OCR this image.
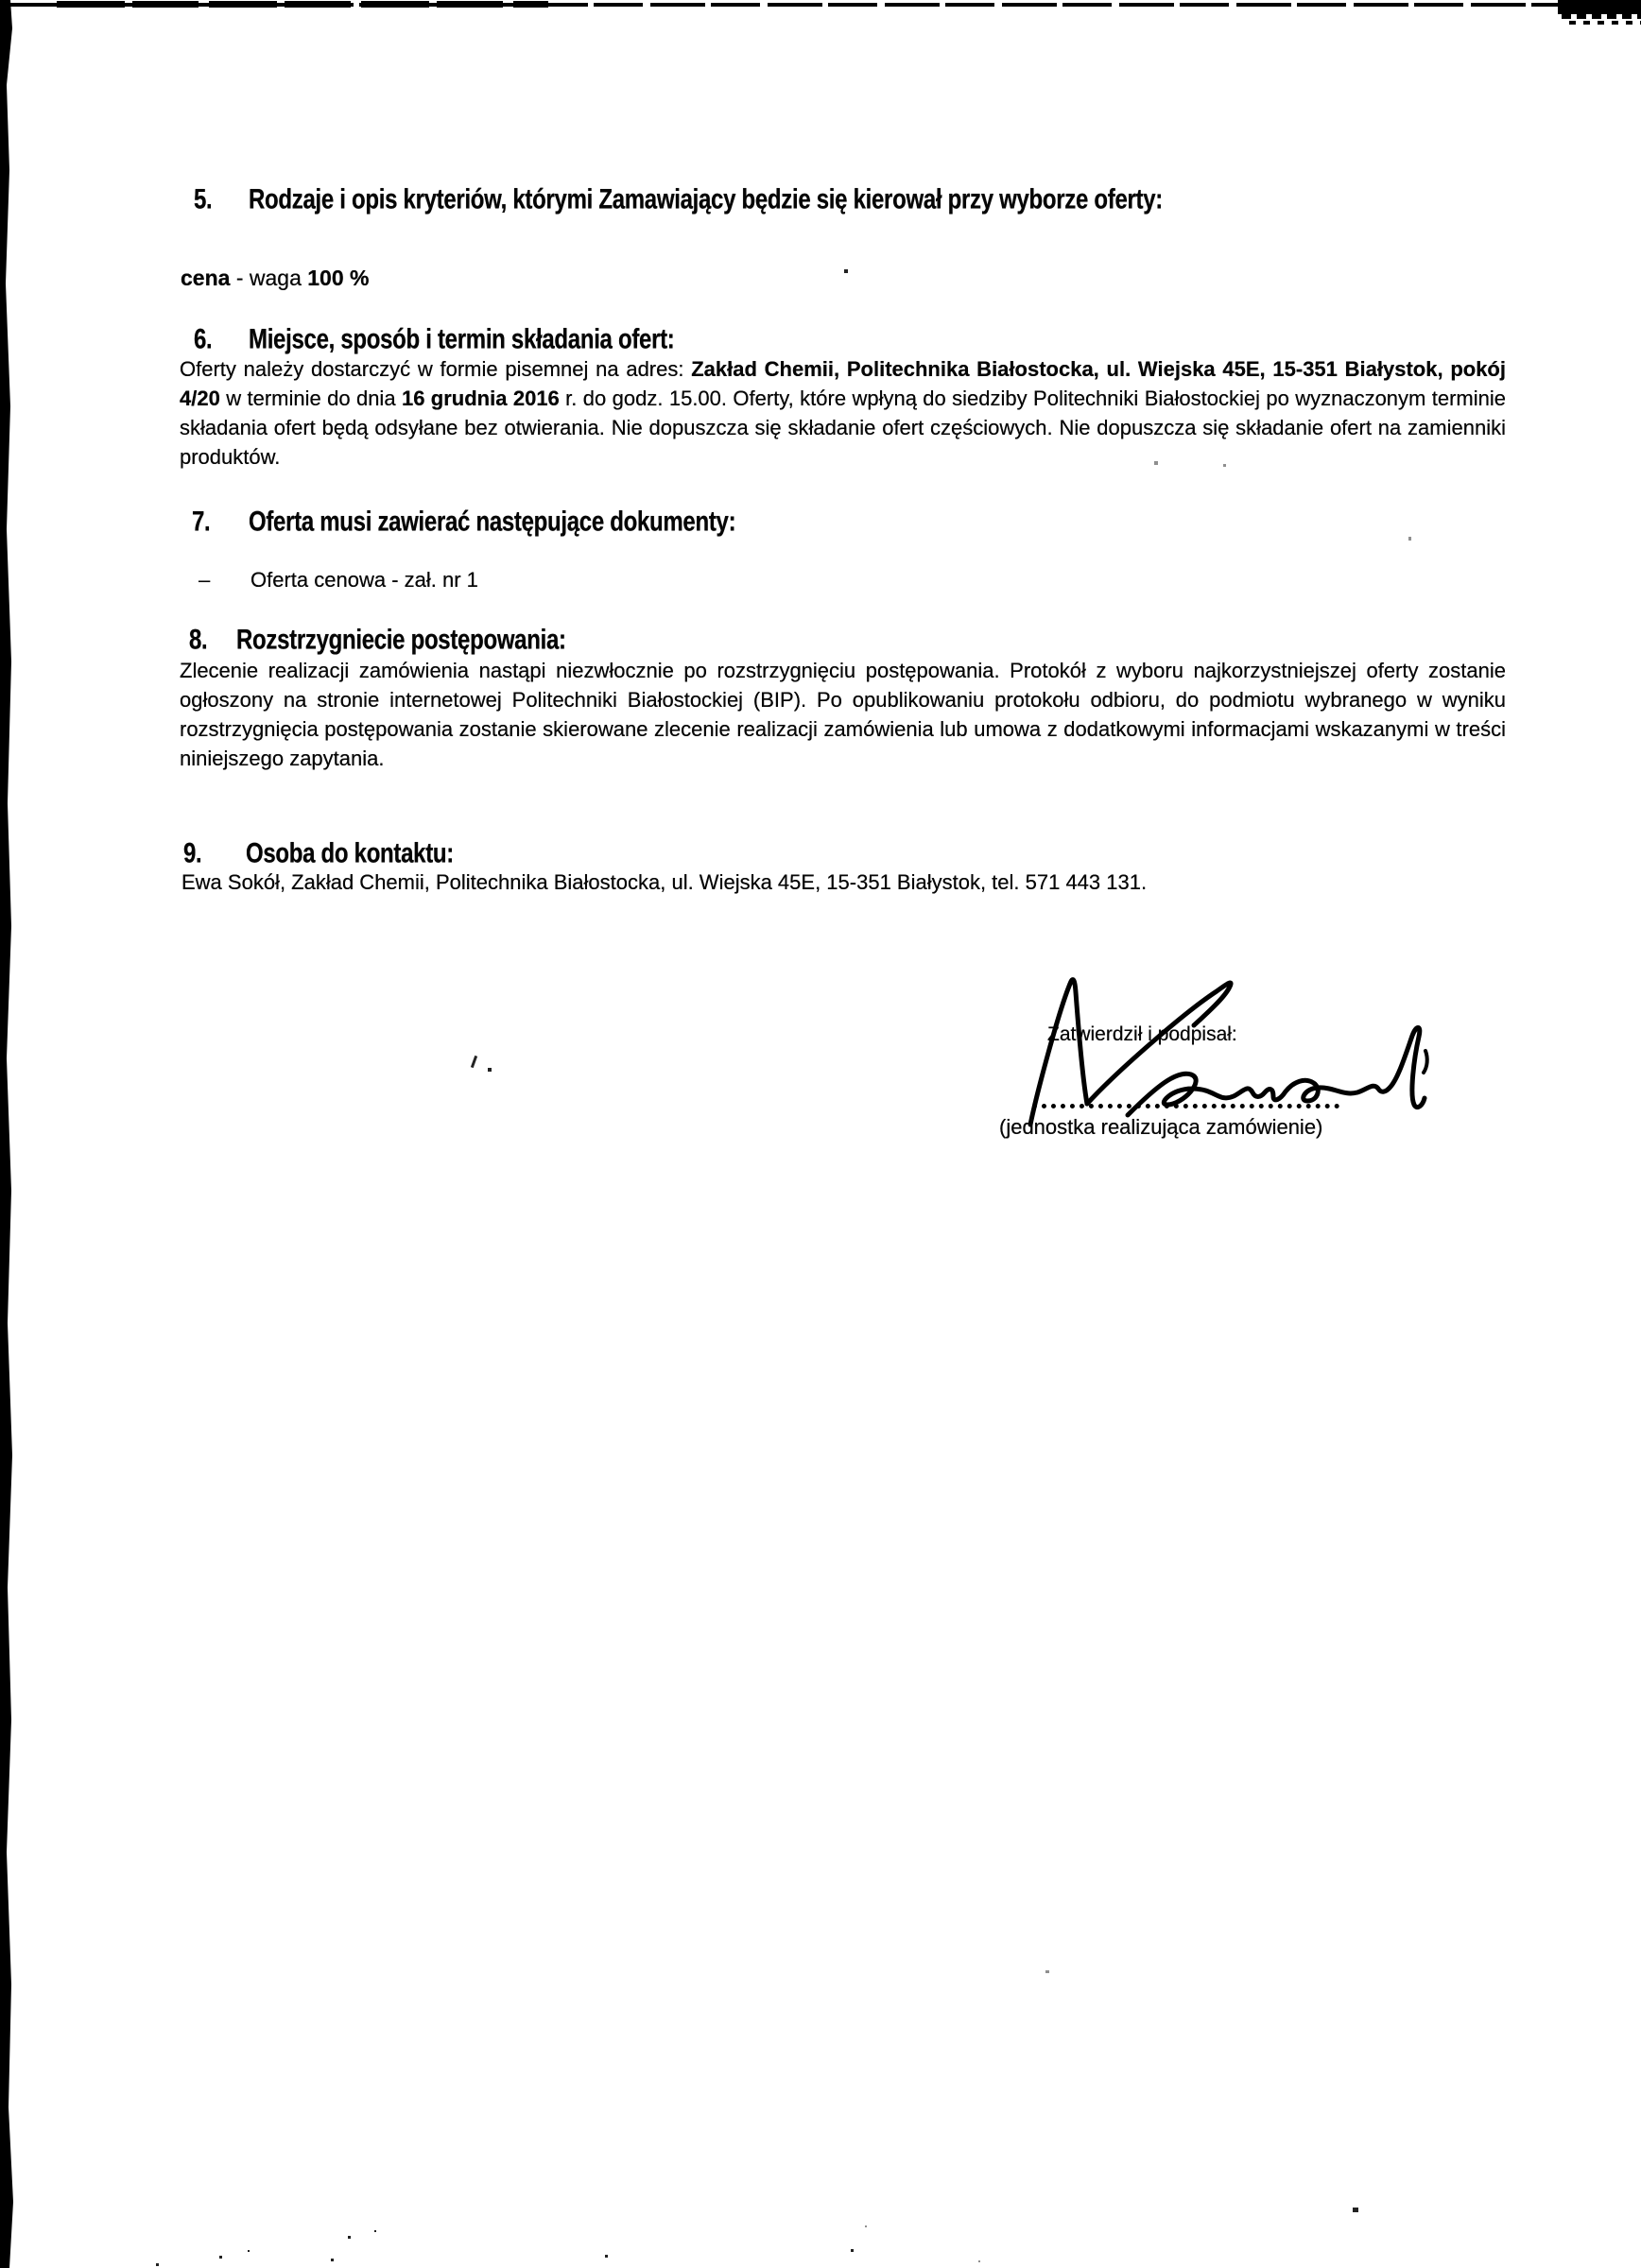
5.	Rodzaje i opis kryteriów, którymi Zamawiający będzie się kierował przy wyborze oferty:
cena - waga 100 %
6.	Miejsce, sposób i termin składania ofert:
Oferty należy dostarczyć w formie pisemnej na adres: Zakład Chemii, Politechnika Białostocka, ul. Wiejska 45E, 15-351 Białystok, pokój 4/20 w terminie do dnia 16 grudnia 2016 r. do godz. 15.00. Oferty, które wpłyną do siedziby Politechniki Białostockiej po wyznaczonym terminie składania ofert będą odsyłane bez otwierania. Nie dopuszcza się składanie ofert częściowych. Nie dopuszcza się składanie ofert na zamienniki produktów.
7.	Oferta musi zawierać następujące dokumenty:
–	Oferta cenowa - zał. nr 1
8.	Rozstrzygniecie postępowania:
Zlecenie realizacji zamówienia nastąpi niezwłocznie po rozstrzygnięciu postępowania. Protokół z wyboru najkorzystniejszej oferty zostanie ogłoszony na stronie internetowej Politechniki Białostockiej (BIP). Po opublikowaniu protokołu odbioru, do podmiotu wybranego w wyniku rozstrzygnięcia postępowania zostanie skierowane zlecenie realizacji zamówienia lub umowa z dodatkowymi informacjami wskazanymi w treści niniejszego zapytania.
9.	Osoba do kontaktu:
Ewa Sokół, Zakład Chemii, Politechnika Białostocka, ul. Wiejska 45E, 15-351 Białystok, tel. 571 443 131.
Zatwierdził i podpisał:
(jednostka realizująca zamówienie)
